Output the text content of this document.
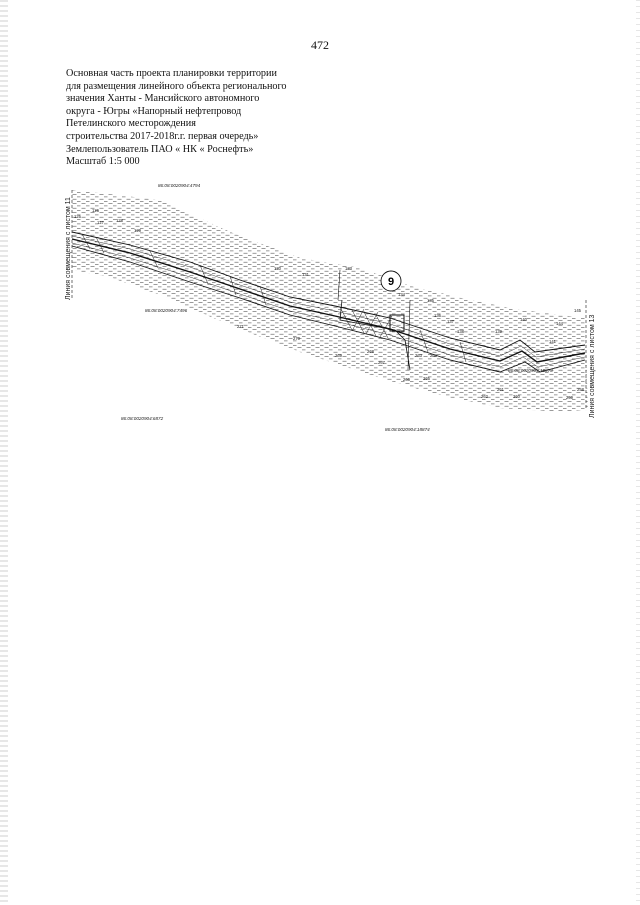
472
Основная часть проекта планировки территории
для размещения линейного объекта регионального
значения Ханты - Мансийского автономного
округа - Югры «Напорный нефтепровод
Петелинского месторождения
строительства 2017-2018г.г. первая очередь»
Землепользователь ПАО « НК « Роснефть»
Масштаб 1:5 000
9
Линия совмещения с листом 11
Линия совмещения с листом 13
86:08:0020904:4794
86:08:0020904:7496
86:08:0020904:6872
86:08:0020904:18874
86:08:0020904:18873
125
126
127	128
129
130
131
133
134
135
136
137
138	139
140
141
144
145
271
270
269
268
267
266	265
264
263
262
261
260	259
258
